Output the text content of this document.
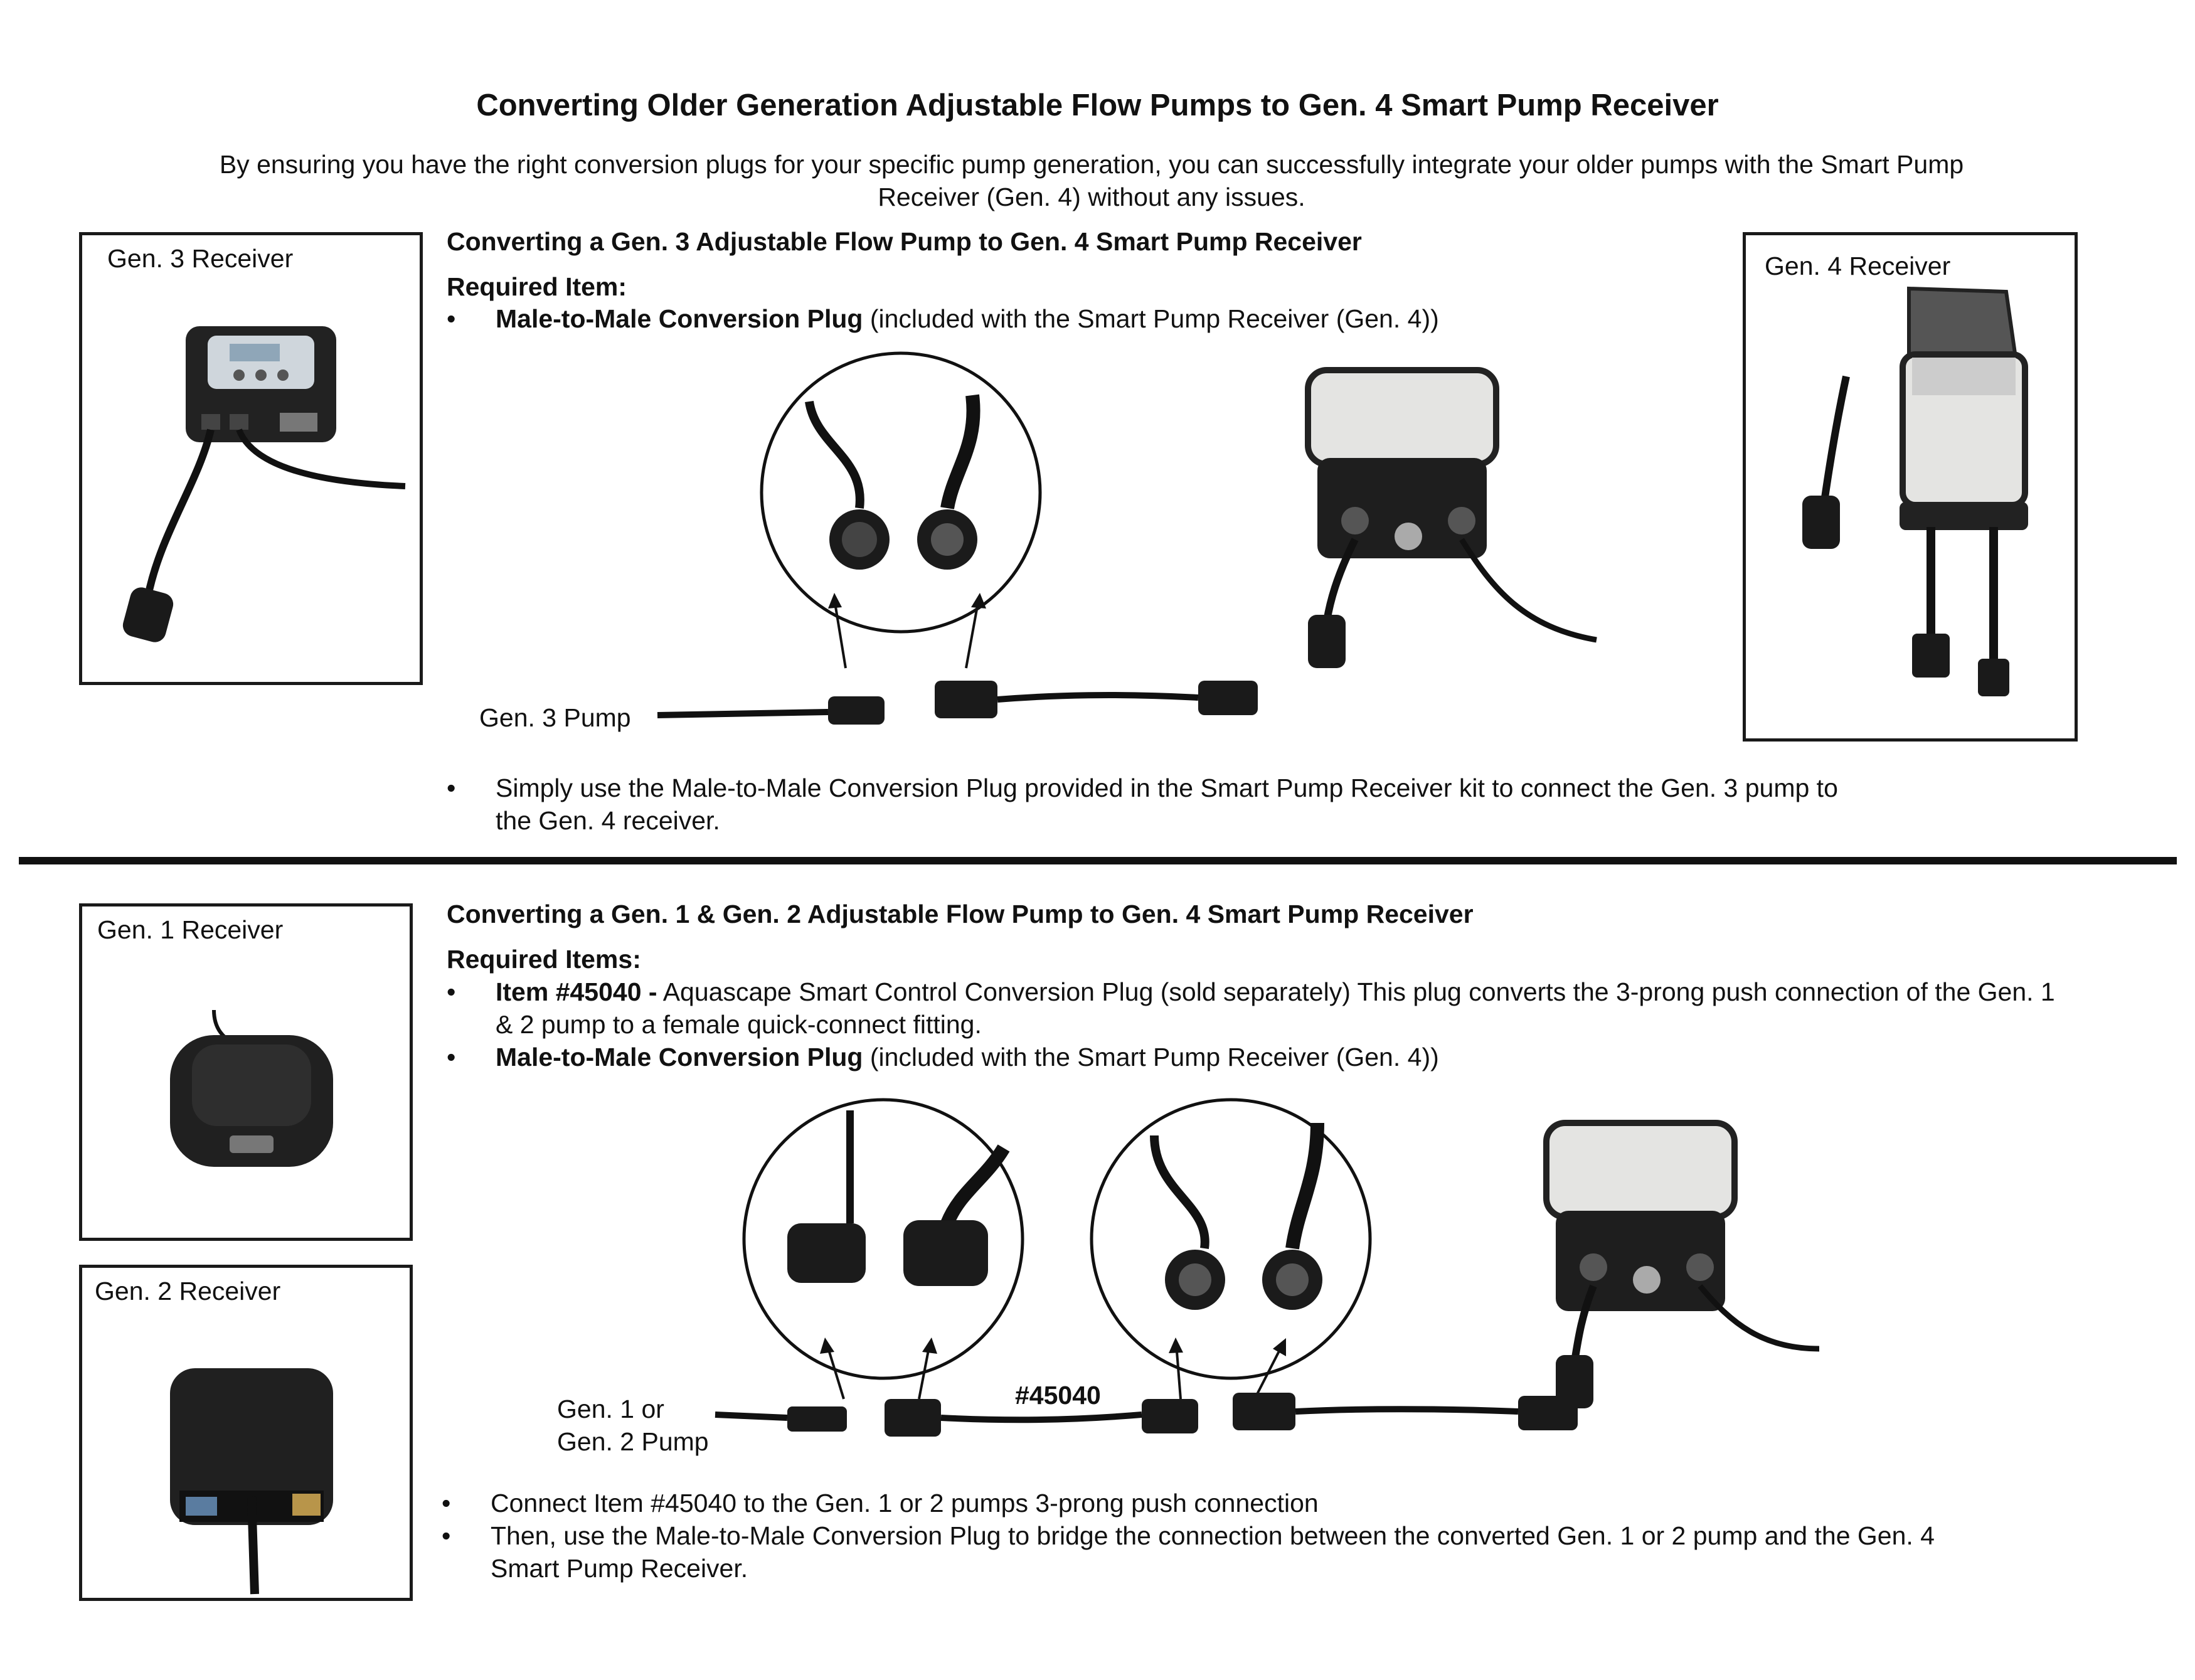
Converting Older Generation Adjustable Flow Pumps to Gen. 4 Smart Pump Receiver
By ensuring you have the right conversion plugs for your specific pump generation, you can successfully integrate your older pumps with the Smart Pump Receiver (Gen. 4) without any issues.
Gen. 3 Receiver
Converting a Gen. 3 Adjustable Flow Pump to Gen. 4 Smart Pump Receiver
Required Item:
• Male-to-Male Conversion Plug (included with the Smart Pump Receiver (Gen. 4))
Gen. 3 Pump
Gen. 4 Receiver
• Simply use the Male-to-Male Conversion Plug provided in the Smart Pump Receiver kit to connect the Gen. 3 pump to the Gen. 4 receiver.
Gen. 1 Receiver
Gen. 2 Receiver
Converting a Gen. 1 & Gen. 2 Adjustable Flow Pump to Gen. 4 Smart Pump Receiver
Required Items:
• Item #45040 - Aquascape Smart Control Conversion Plug (sold separately) This plug converts the 3-prong push connection of the Gen. 1 & 2 pump to a female quick-connect fitting.
• Male-to-Male Conversion Plug (included with the Smart Pump Receiver (Gen. 4))
#45040
Gen. 1 or
Gen. 2 Pump
• Connect Item #45040 to the Gen. 1 or 2 pumps 3-prong push connection
• Then, use the Male-to-Male Conversion Plug to bridge the connection between the converted Gen. 1 or 2 pump and the Gen. 4 Smart Pump Receiver.
